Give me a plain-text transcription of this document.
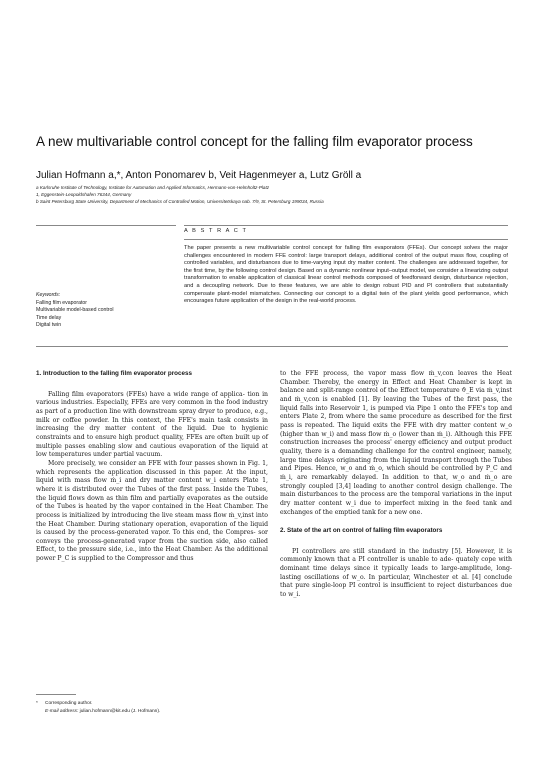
A new multivariable control concept for the falling film evaporator process
Julian Hofmann a,*, Anton Ponomarev b, Veit Hagenmeyer a, Lutz Gröll a
a Karlsruhe Institute of Technology, Institute for Automation and Applied Informatics, Hermann-von-Helmholtz-Platz
1, Eggenstein-Leopoldshafen 76344, Germany
b Saint Petersburg State University, Department of Mechanics of Controlled Motion, Universitetskaya nab. 7/9, St. Petersburg 199034, Russia
A B S T R A C T
The paper presents a new multivariable control concept for falling film evaporators (FFEs). Our concept solves the major challenges encountered in modern FFE control: large transport delays, additional control of the output mass flow, coupling of controlled variables, and disturbances due to time-varying input dry matter content. The challenges are addressed together, for the first time, by the following control design. Based on a dynamic nonlinear input–output model, we consider a linearizing output transformation to enable application of classical linear control methods composed of feedforward design, disturbance rejection, and a decoupling network. Due to these features, we are able to design robust PID and PI controllers that substantially compensate plant-model mismatches. Connecting our concept to a digital twin of the plant yields good performance, which encourages future application of the design in the real-world process.
Keywords:
Falling film evaporator
Multivariable model-based control
Time delay
Digital twin
1. Introduction to the falling film evaporator process

Falling film evaporators (FFEs) have a wide range of applica- tion in various industries. Especially, FFEs are very common in the food industry as part of a production line with downstream spray dryer to produce, e.g., milk or coffee powder. In this context, the FFE's main task consists in increasing the dry matter content of the liquid. Due to hygienic constraints and to ensure high product quality, FFEs are often built up of multiple passes enabling slow and cautious evaporation of the liquid at low temperatures under partial vacuum.

More precisely, we consider an FFE with four passes shown in Fig. 1, which represents the application discussed in this paper. At the input, liquid with mass flow ṁ_i and dry matter content w_i enters Plate 1, where it is distributed over the Tubes of the first pass. Inside the Tubes, the liquid flows down as thin film and partially evaporates as the outside of the Tubes is heated by the vapor contained in the Heat Chamber. The process is initialized by introducing the live steam mass flow ṁ_v,inst into the Heat Chamber. During stationary operation, evaporation of the liquid is caused by the process-generated vapor. To this end, the Compres- sor conveys the process-generated vapor from the suction side, also called Effect, to the pressure side, i.e., into the Heat Chamber. As the additional power P_C is supplied to the Compressor and thus

to the FFE process, the vapor mass flow ṁ_v,con leaves the Heat Chamber. Thereby, the energy in Effect and Heat Chamber is kept in balance and split-range control of the Effect temperature ϑ_E via ṁ_v,inst and ṁ_v,con is enabled [1]. By leaving the Tubes of the first pass, the liquid falls into Reservoir 1, is pumped via Pipe 1 onto the FFE's top and enters Plate 2, from where the same procedure as described for the first pass is repeated. The liquid exits the FFE with dry matter content w_o (higher than w_i) and mass flow ṁ_o (lower than ṁ_i). Although this FFE construction increases the process' energy efficiency and output product quality, there is a demanding challenge for the control engineer, namely, large time delays originating from the liquid transport through the Tubes and Pipes. Hence, w_o and ṁ_o, which should be controlled by P_C and ṁ_i, are remarkably delayed. In addition to that, w_o and ṁ_o are strongly coupled [3,4] leading to another control design challenge. The main disturbances to the process are the temporal variations in the input dry matter content w_i due to imperfect mixing in the feed tank and exchanges of the emptied tank for a new one.

2. State of the art on control of falling film evaporators

PI controllers are still standard in the industry [5]. However, it is commonly known that a PI controller is unable to ade- quately cope with dominant time delays since it typically leads to large-amplitude, long-lasting oscillations of w_o. In particular, Winchester et al. [4] conclude that pure single-loop PI control is insufficient to reject disturbances due to w_i.

* Corresponding author.
E-mail address: julian.hofmann@kit.edu (J. Hofmann).
